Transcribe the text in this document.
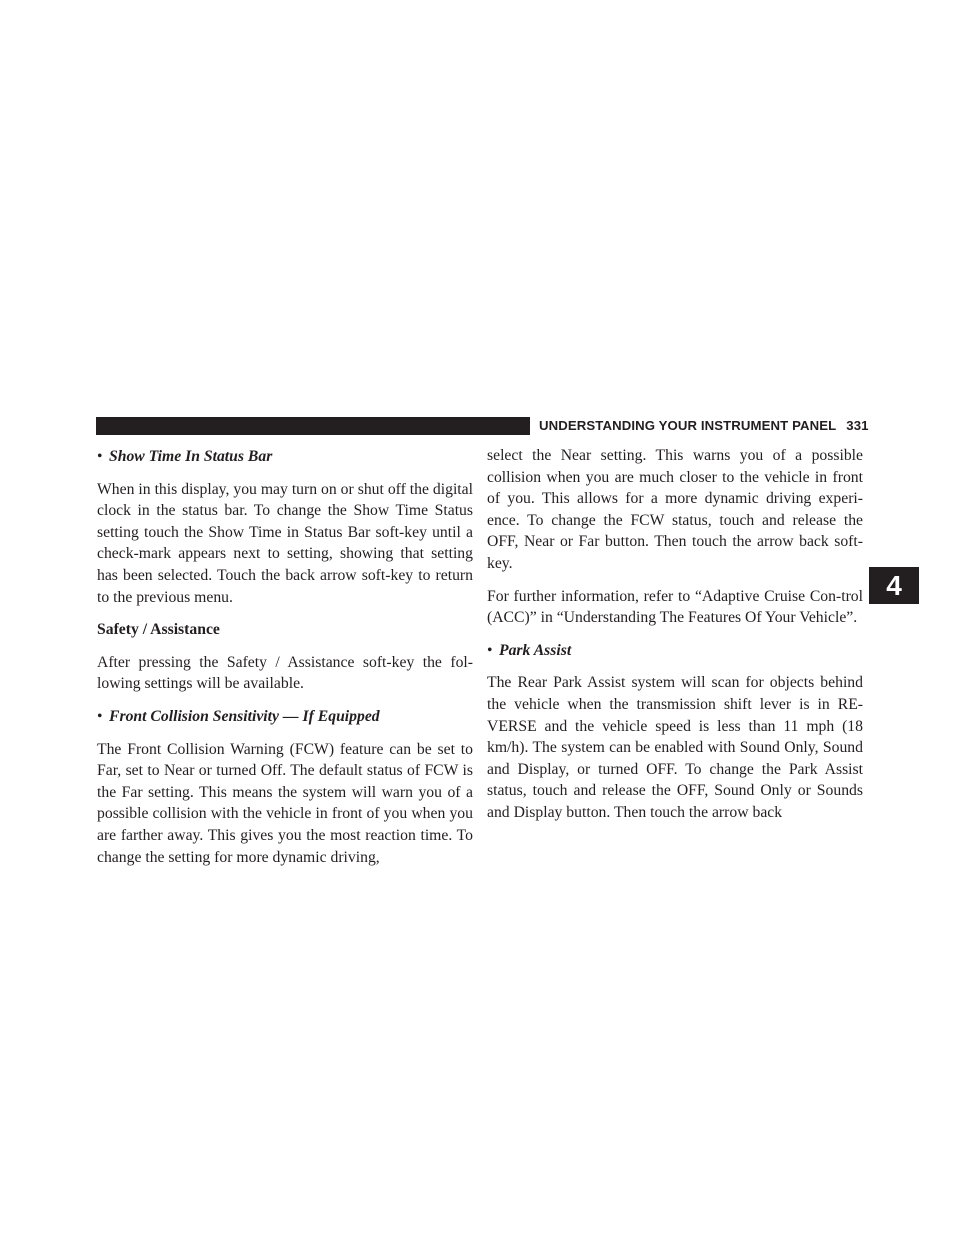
UNDERSTANDING YOUR INSTRUMENT PANEL 331
• Show Time In Status Bar

When in this display, you may turn on or shut off the digital clock in the status bar. To change the Show Time Status setting touch the Show Time in Status Bar soft-key until a check-mark appears next to setting, showing that setting has been selected. Touch the back arrow soft-key to return to the previous menu.

Safety / Assistance

After pressing the Safety / Assistance soft-key the fol-lowing settings will be available.

• Front Collision Sensitivity — If Equipped

The Front Collision Warning (FCW) feature can be set to Far, set to Near or turned Off. The default status of FCW is the Far setting. This means the system will warn you of a possible collision with the vehicle in front of you when you are farther away. This gives you the most reaction time. To change the setting for more dynamic driving,

select the Near setting. This warns you of a possible collision when you are much closer to the vehicle in front of you. This allows for a more dynamic driving experi-ence. To change the FCW status, touch and release the OFF, Near or Far button. Then touch the arrow back soft-key.

For further information, refer to “Adaptive Cruise Con-trol (ACC)” in “Understanding The Features Of Your Vehicle”.

• Park Assist

The Rear Park Assist system will scan for objects behind the vehicle when the transmission shift lever is in RE-VERSE and the vehicle speed is less than 11 mph (18 km/h). The system can be enabled with Sound Only, Sound and Display, or turned OFF. To change the Park Assist status, touch and release the OFF, Sound Only or Sounds and Display button. Then touch the arrow back

4
